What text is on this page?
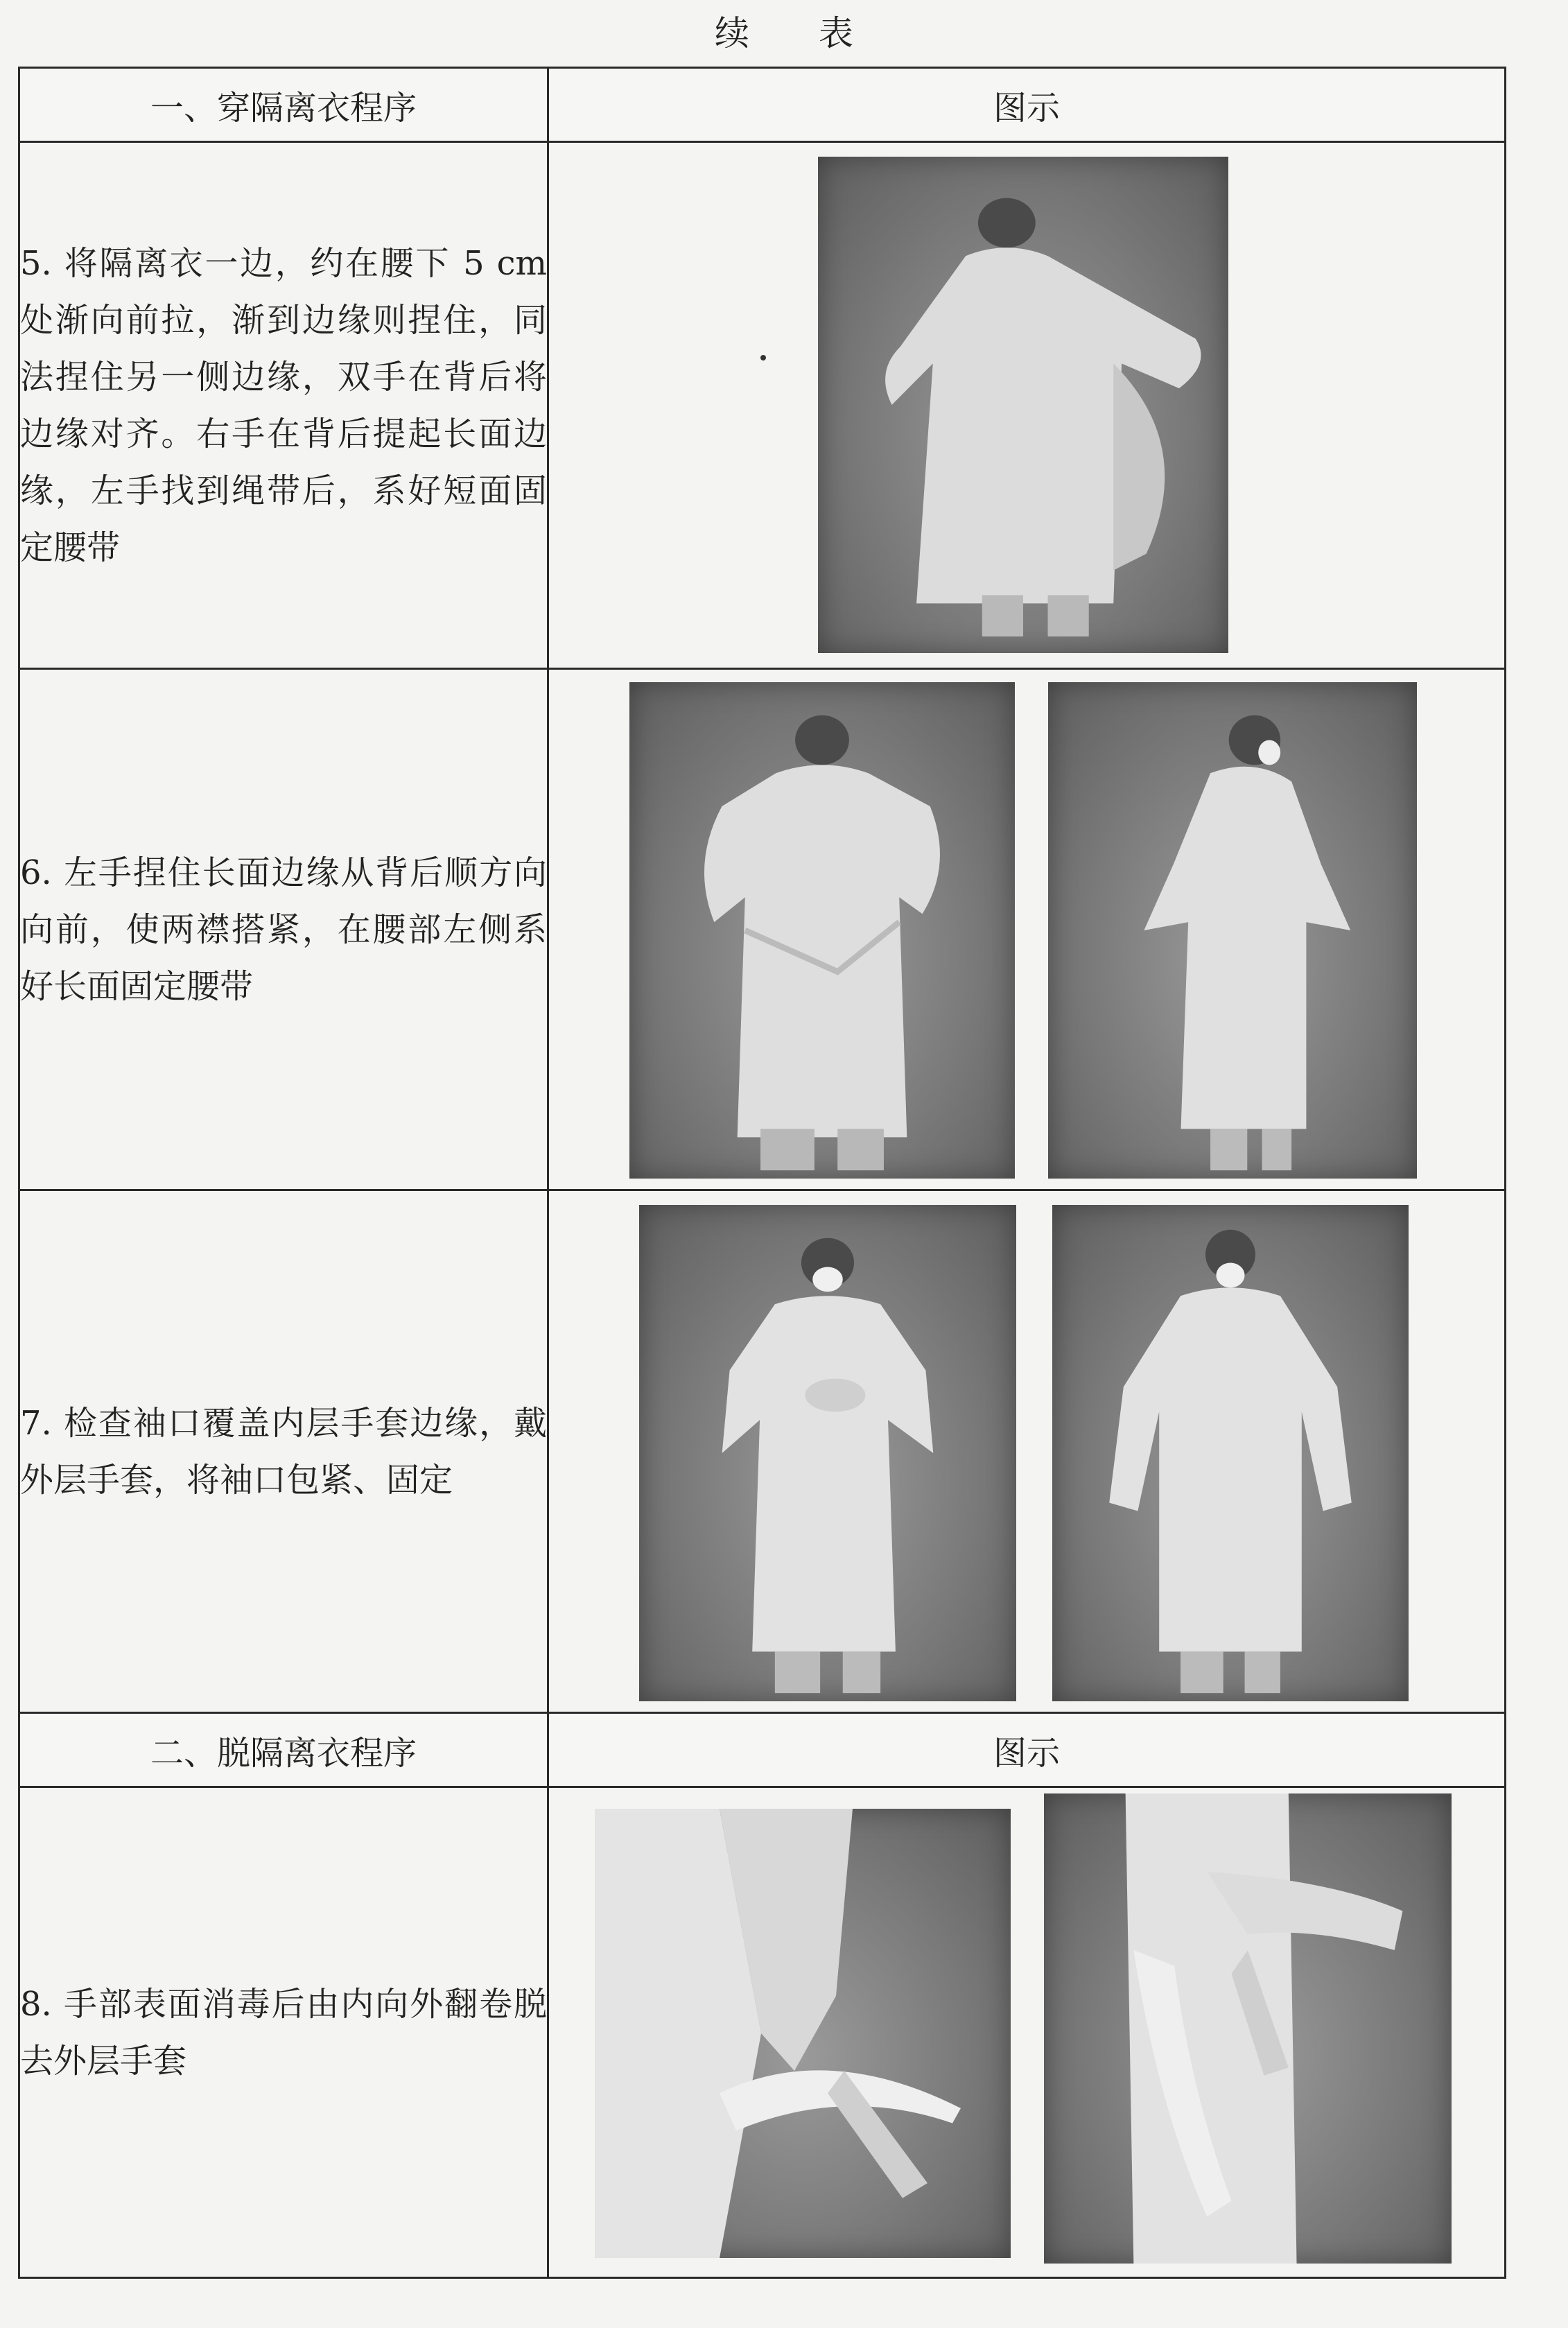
续 表
一、穿隔离衣程序	图示
5. 将隔离衣一边，约在腰下 5 cm 处渐向前拉，渐到边缘则捏住，同法捏住另一侧边缘，双手在背后将边缘对齐。右手在背后提起长面边缘，左手找到绳带后，系好短面固定腰带	

6. 左手捏住长面边缘从背后顺方向向前，使两襟搭紧，在腰部左侧系好长面固定腰带	

7. 检查袖口覆盖内层手套边缘，戴外层手套，将袖口包紧、固定	

二、脱隔离衣程序	图示
8. 手部表面消毒后由内向外翻卷脱去外层手套	
